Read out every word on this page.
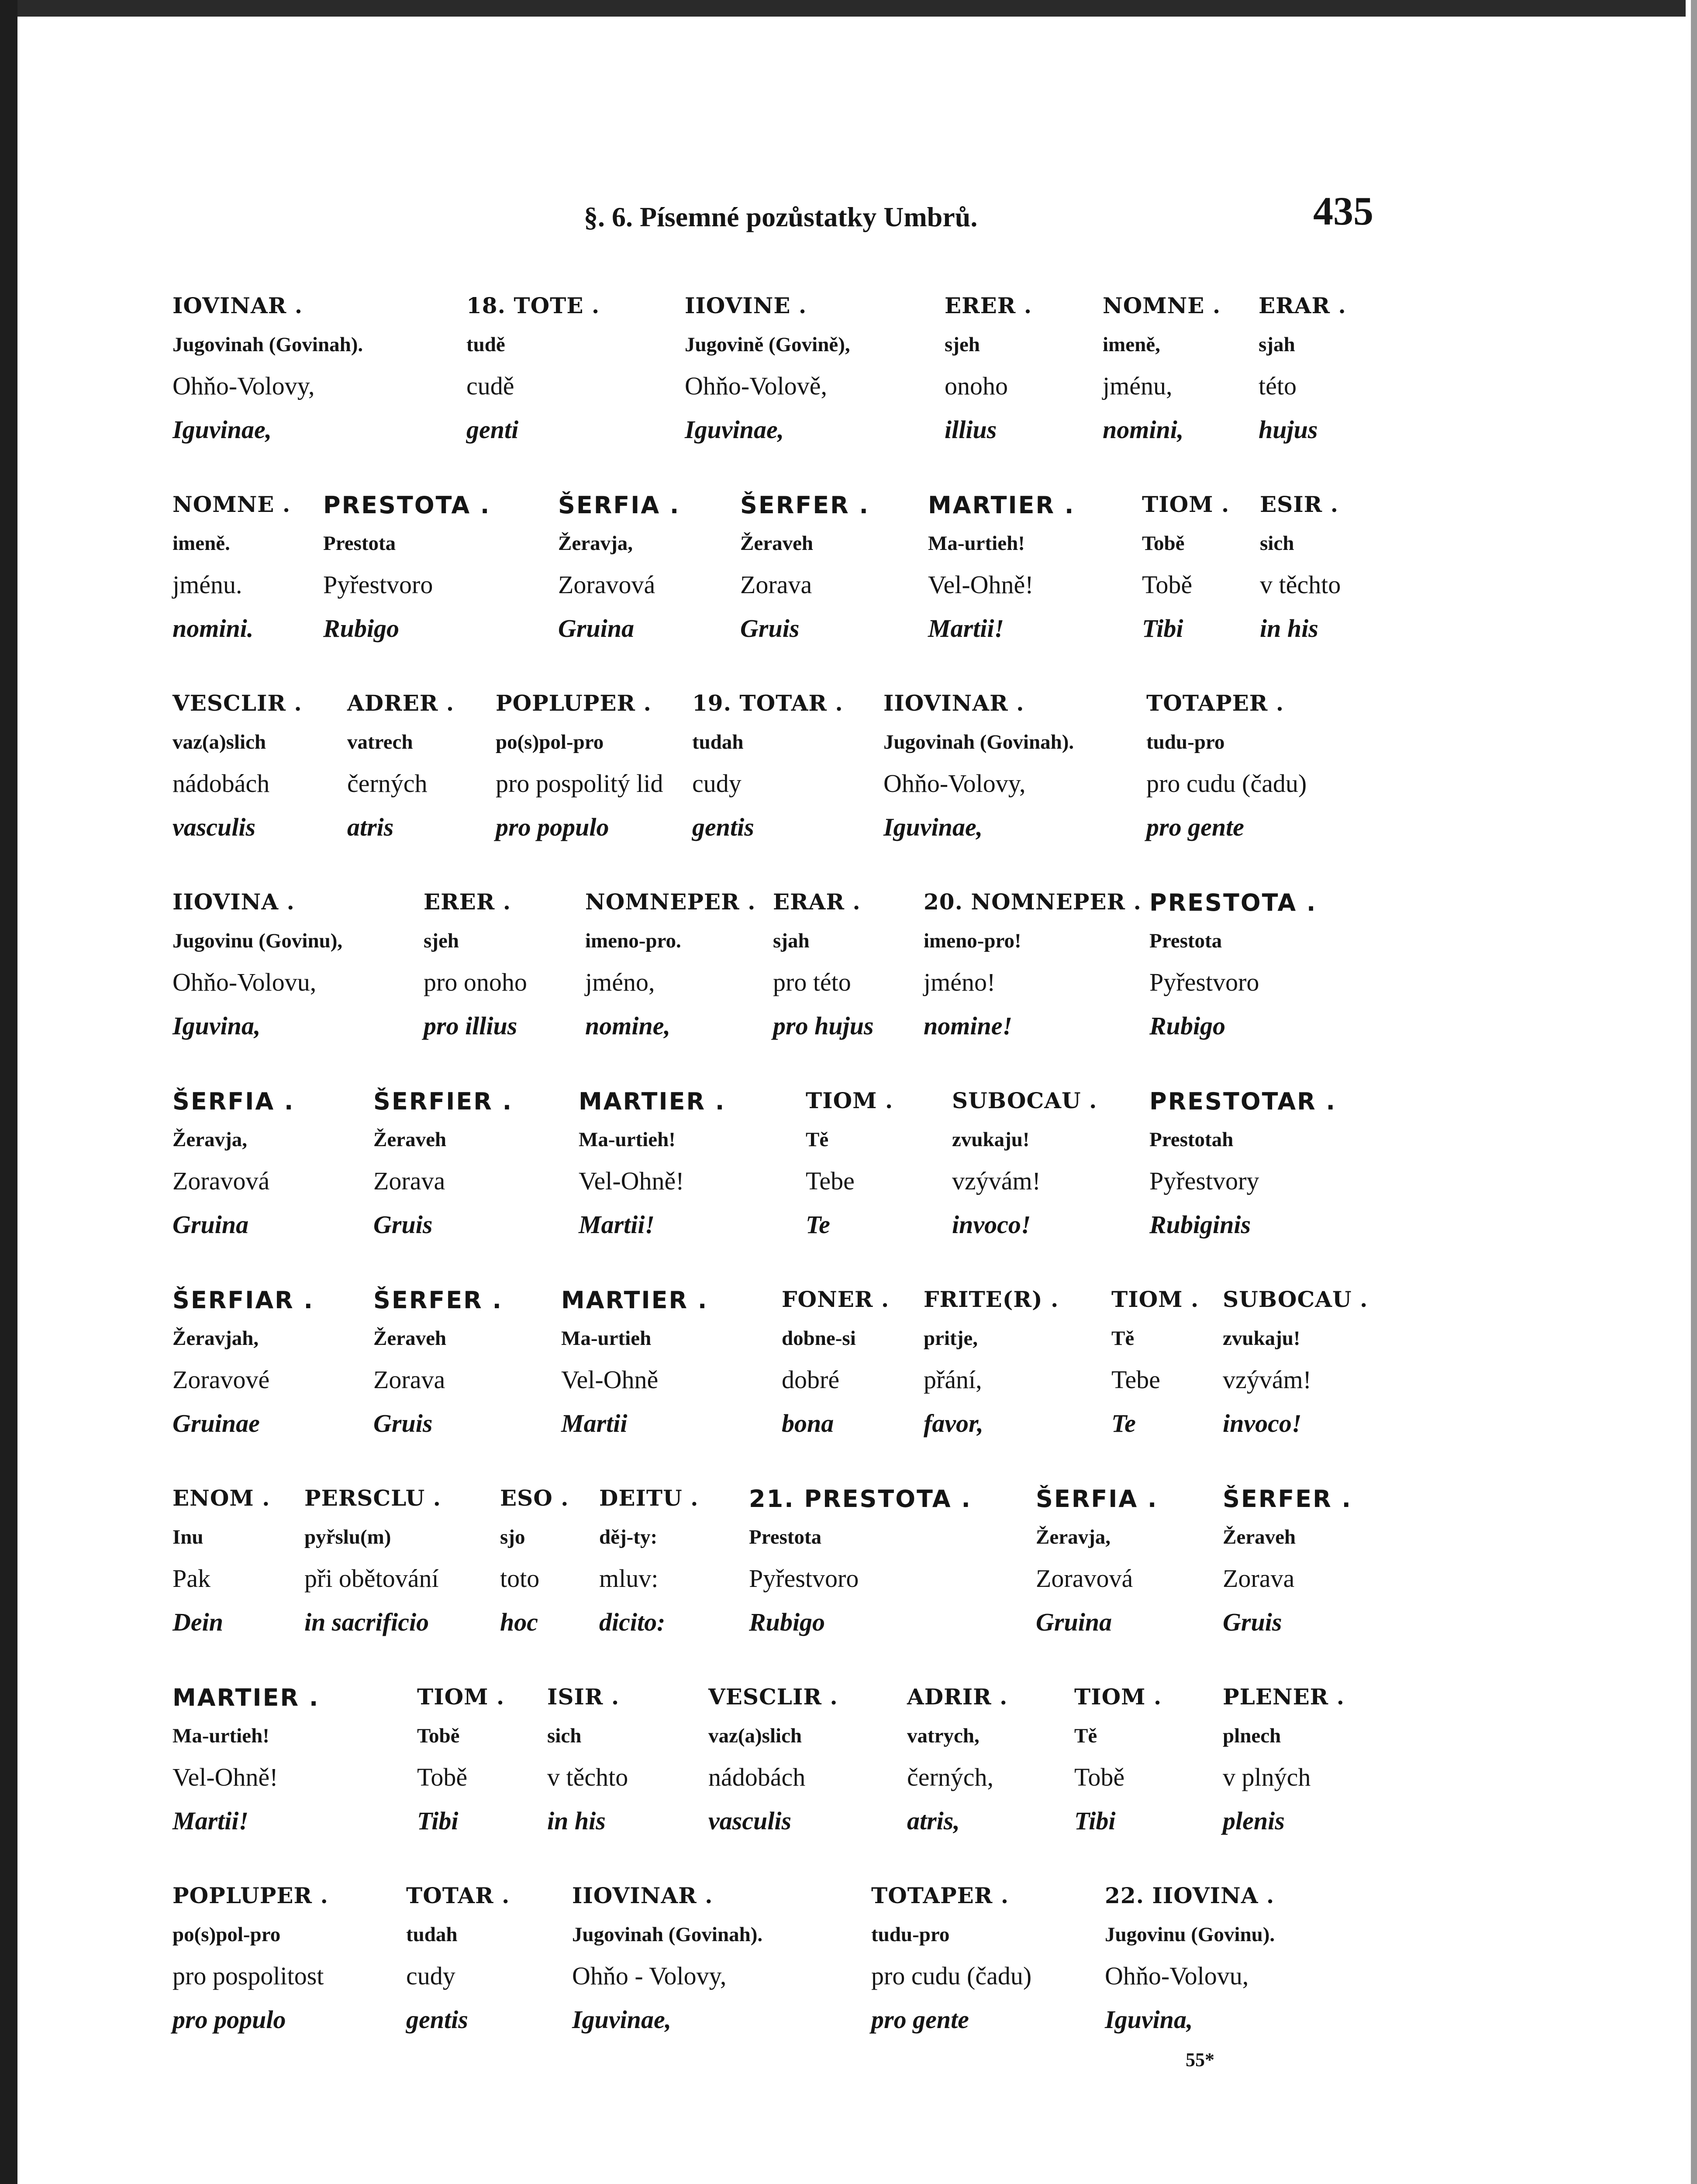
§. 6. Písemné pozůstatky Umbrů.	435
IOVINAR .
Jugovinah (Govinah).
Ohňo-Volovy,
Iguvinae,
18. TOTE .
tudě
cudě
genti
IIOVINE .
Jugovině (Govině),
Ohňo-Volově,
Iguvinae,
ERER .
sjeh
onoho
illius
NOMNE .
imeně,
jménu,
nomini,
ERAR .
sjah
této
hujus
NOMNE .
imeně.
jménu.
nomini.
PRESTOTA .
Prestota
Pyřestvoro
Rubigo
ŠERFIA .
Žeravja,
Zoravová
Gruina
ŠERFER .
Žeraveh
Zorava
Gruis
MARTIER .
Ma-urtieh!
Vel-Ohně!
Martii!
TIOM .
Tobě
Tobě
Tibi
ESIR .
sich
v těchto
in his
VESCLIR .
vaz(a)slich
nádobách
vasculis
ADRER .
vatrech
černých
atris
POPLUPER .
po(s)pol-pro
pro pospolitý lid
pro populo
19. TOTAR .
tudah
cudy
gentis
IIOVINAR .
Jugovinah (Govinah).
Ohňo-Volovy,
Iguvinae,
TOTAPER .
tudu-pro
pro cudu (čadu)
pro gente
IIOVINA .
Jugovinu (Govinu),
Ohňo-Volovu,
Iguvina,
ERER .
sjeh
pro onoho
pro illius
NOMNEPER .
imeno-pro.
jméno,
nomine,
ERAR .
sjah
pro této
pro hujus
20. NOMNEPER .
imeno-pro!
jméno!
nomine!
PRESTOTA .
Prestota
Pyřestvoro
Rubigo
ŠERFIA .
Žeravja,
Zoravová
Gruina
ŠERFIER .
Žeraveh
Zorava
Gruis
MARTIER .
Ma-urtieh!
Vel-Ohně!
Martii!
TIOM .
Tě
Tebe
Te
SUBOCAU .
zvukaju!
vzývám!
invoco!
PRESTOTAR .
Prestotah
Pyřestvory
Rubiginis
ŠERFIAR .
Žeravjah,
Zoravové
Gruinae
ŠERFER .
Žeraveh
Zorava
Gruis
MARTIER .
Ma-urtieh
Vel-Ohně
Martii
FONER .
dobne-si
dobré
bona
FRITE(R) .
pritje,
přání,
favor,
TIOM .
Tě
Tebe
Te
SUBOCAU .
zvukaju!
vzývám!
invoco!
ENOM .
Inu
Pak
Dein
PERSCLU .
pyřslu(m)
při obětování
in sacrificio
ESO .
sjo
toto
hoc
DEITU .
děj-ty:
mluv:
dicito:
21. PRESTOTA .
Prestota
Pyřestvoro
Rubigo
ŠERFIA .
Žeravja,
Zoravová
Gruina
ŠERFER .
Žeraveh
Zorava
Gruis
MARTIER .
Ma-urtieh!
Vel-Ohně!
Martii!
TIOM .
Tobě
Tobě
Tibi
ISIR .
sich
v těchto
in his
VESCLIR .
vaz(a)slich
nádobách
vasculis
ADRIR .
vatrych,
černých,
atris,
TIOM .
Tě
Tobě
Tibi
PLENER .
plnech
v plných
plenis
POPLUPER .
po(s)pol-pro
pro pospolitost
pro populo
TOTAR .
tudah
cudy
gentis
IIOVINAR .
Jugovinah (Govinah).
Ohňo - Volovy,
Iguvinae,
TOTAPER .
tudu-pro
pro cudu (čadu)
pro gente
22. IIOVINA .
Jugovinu (Govinu).
Ohňo-Volovu,
Iguvina,
55*
